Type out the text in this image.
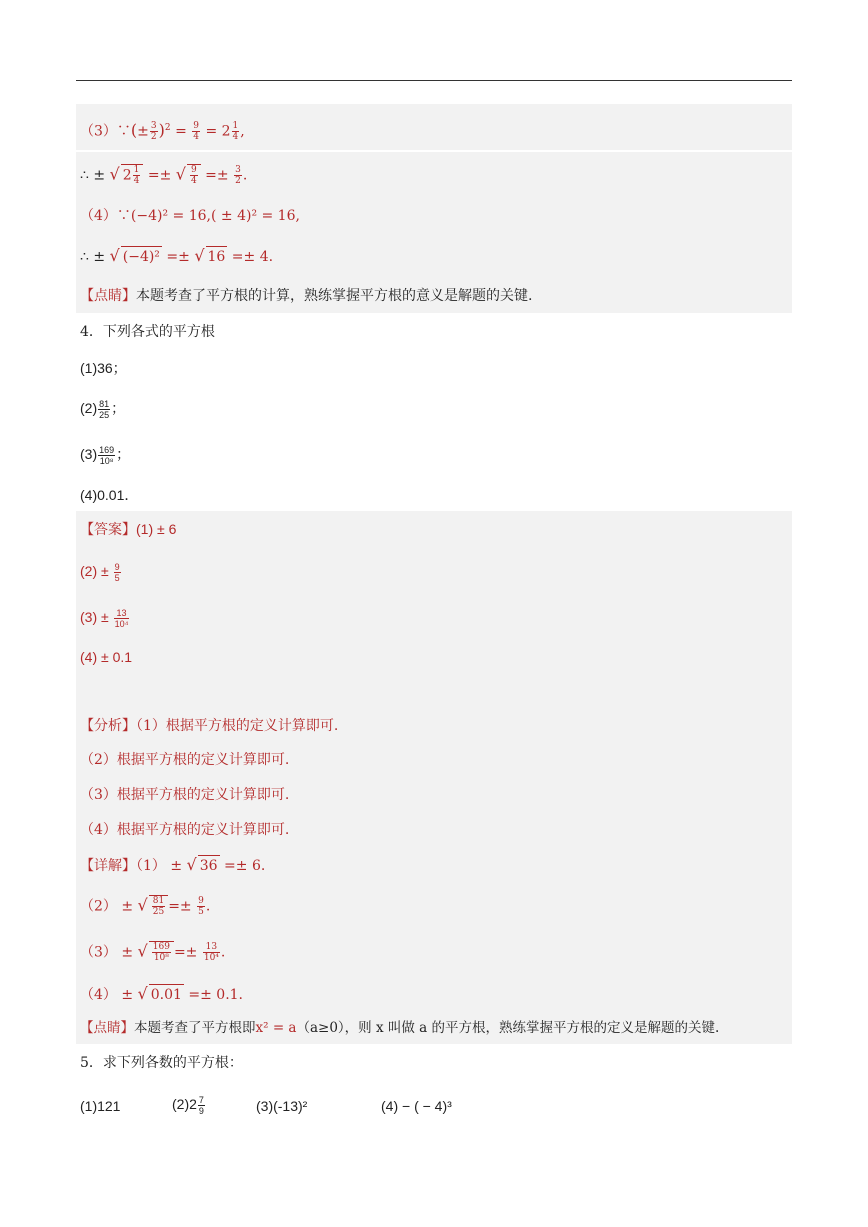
（3）∵(± $\frac{3}{2} )^2 = \frac{9}{4} = 2 \frac{1}{4}$ ,
∴ ± √ $2 \frac{1}{4}$ =± √ $\frac{9}{4} =\pm \frac{3}{2}$ .
（4）∵(−4)² = 16,( ± 4)² = 16,
∴ ± √ (−4)² =± √ 16 =± 4.
【点睛】本题考查了平方根的计算，熟练掌握平方根的意义是解题的关键.
4．下列各式的平方根
(1)36；
$(2) \frac{81}{25}$ ；
$(3) \frac{169}{\text{10⁸}}$ ；
(4)0.01．
【答案】(1) ± 6
$(2) \pm \frac{9}{5}$
$(3) \pm \frac{13}{\text{10⁴}}$
(4) ± 0.1
【分析】（1）根据平方根的定义计算即可.
（2）根据平方根的定义计算即可.
（3）根据平方根的定义计算即可.
（4）根据平方根的定义计算即可.
【详解】（1） ± √ 36 =± 6.
（2） ± √ $\frac{81}{25} =\pm \frac{9}{5}$ .
（3） ± √ $\frac{169}{\text{10⁸}} =\pm \frac{13}{\text{10⁴}}$ .
（4） ± √ 0.01 =± 0.1.
【点睛】本题考查了平方根即x² = a（a≥0），则 x 叫做 a 的平方根，熟练掌握平方根的定义是解题的关键.
5．求下列各数的平方根：
(1)121	$(2)2 \frac{7}{9}$	(3)(-13)²	(4) − ( − 4)³
